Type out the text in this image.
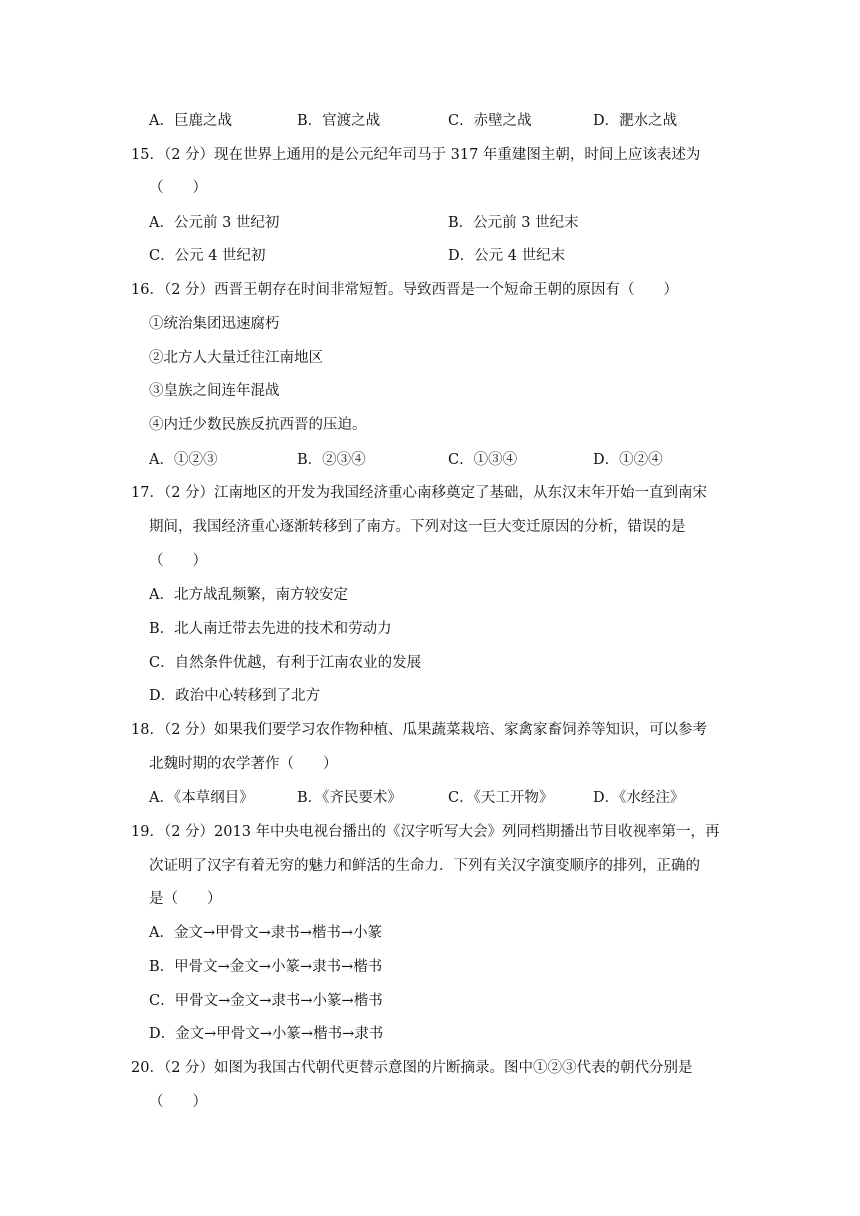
A．巨鹿之战	B．官渡之战	C．赤壁之战	D．淝水之战
15．（2 分）现在世界上通用的是公元纪年司马于 317 年重建图主朝，时间上应该表述为
（　　）
A．公元前 3 世纪初	B．公元前 3 世纪末
C．公元 4 世纪初	D．公元 4 世纪末
16．（2 分）西晋王朝存在时间非常短暂。导致西晋是一个短命王朝的原因有（　　）
①统治集团迅速腐朽
②北方人大量迁往江南地区
③皇族之间连年混战
④内迁少数民族反抗西晋的压迫。
A．①②③	B．②③④	C．①③④	D．①②④
17．（2 分）江南地区的开发为我国经济重心南移奠定了基础，从东汉末年开始一直到南宋
期间，我国经济重心逐渐转移到了南方。下列对这一巨大变迁原因的分析，错误的是
（　　）
A．北方战乱频繁，南方较安定
B．北人南迁带去先进的技术和劳动力
C．自然条件优越，有利于江南农业的发展
D．政治中心转移到了北方
18．（2 分）如果我们要学习农作物种植、瓜果蔬菜栽培、家禽家畜饲养等知识，可以参考
北魏时期的农学著作（　　）
A．《本草纲目》	B．《齐民要术》	C．《天工开物》	D．《水经注》
19．（2 分）2013 年中央电视台播出的《汉字听写大会》列同档期播出节目收视率第一，再
次证明了汉字有着无穷的魅力和鲜活的生命力．下列有关汉字演变顺序的排列，正确的
是（　　）
A．金文→甲骨文→隶书→楷书→小篆
B．甲骨文→金文→小篆→隶书→楷书
C．甲骨文→金文→隶书→小篆→楷书
D．金文→甲骨文→小篆→楷书→隶书
20．（2 分）如图为我国古代朝代更替示意图的片断摘录。图中①②③代表的朝代分别是
（　　）
